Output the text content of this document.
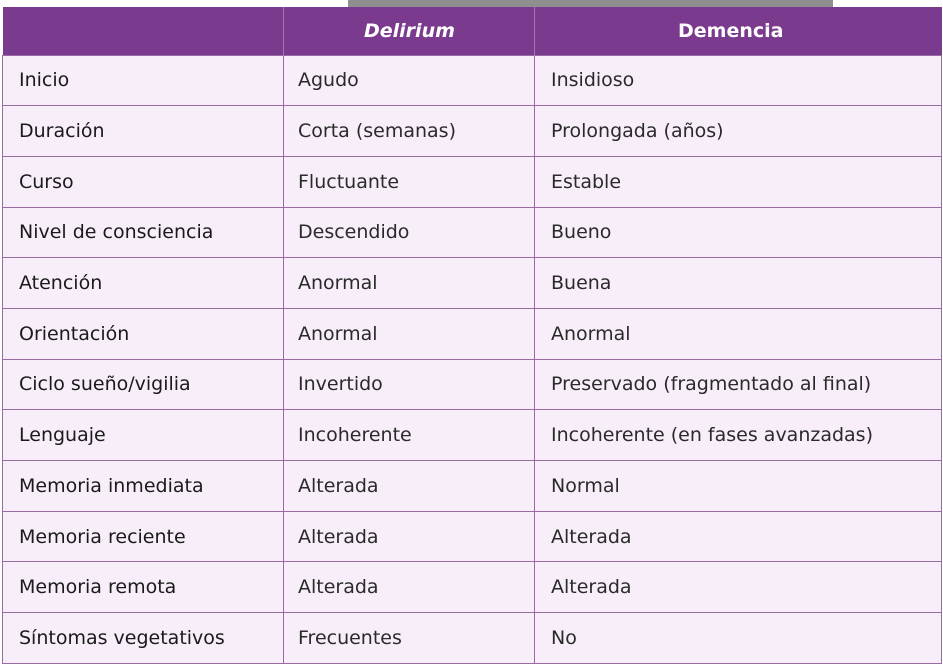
	Delirium	Demencia
Inicio	Agudo	Insidioso
Duración	Corta (semanas)	Prolongada (años)
Curso	Fluctuante	Estable
Nivel de consciencia	Descendido	Bueno
Atención	Anormal	Buena
Orientación	Anormal	Anormal
Ciclo sueño/vigilia	Invertido	Preservado (fragmentado al final)
Lenguaje	Incoherente	Incoherente (en fases avanzadas)
Memoria inmediata	Alterada	Normal
Memoria reciente	Alterada	Alterada
Memoria remota	Alterada	Alterada
Síntomas vegetativos	Frecuentes	No
